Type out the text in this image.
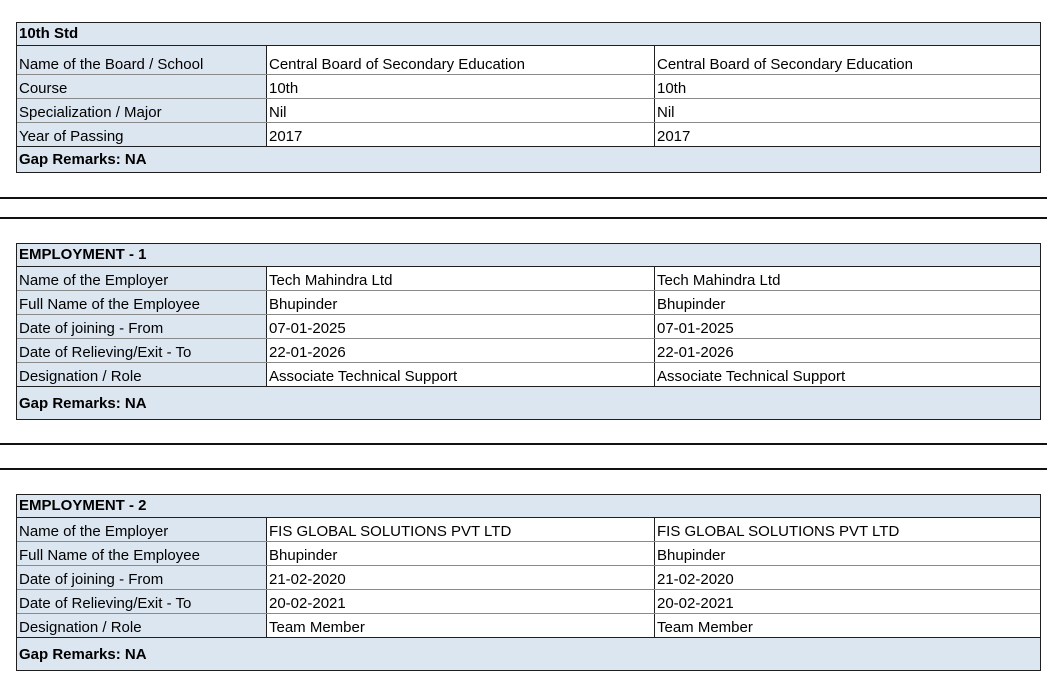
10th Std
Name of the Board / School	Central Board of Secondary Education	Central Board of Secondary Education
Course	10th	10th
Specialization / Major	Nil	Nil
Year of Passing	2017	2017
Gap Remarks: NA
EMPLOYMENT - 1
Name of the Employer	Tech Mahindra Ltd	Tech Mahindra Ltd
Full Name of the Employee	Bhupinder	Bhupinder
Date of joining - From	07-01-2025	07-01-2025
Date of Relieving/Exit - To	22-01-2026	22-01-2026
Designation / Role	Associate Technical Support	Associate Technical Support
Gap Remarks: NA
EMPLOYMENT - 2
Name of the Employer	FIS GLOBAL SOLUTIONS PVT LTD	FIS GLOBAL SOLUTIONS PVT LTD
Full Name of the Employee	Bhupinder	Bhupinder
Date of joining - From	21-02-2020	21-02-2020
Date of Relieving/Exit - To	20-02-2021	20-02-2021
Designation / Role	Team Member	Team Member
Gap Remarks: NA
